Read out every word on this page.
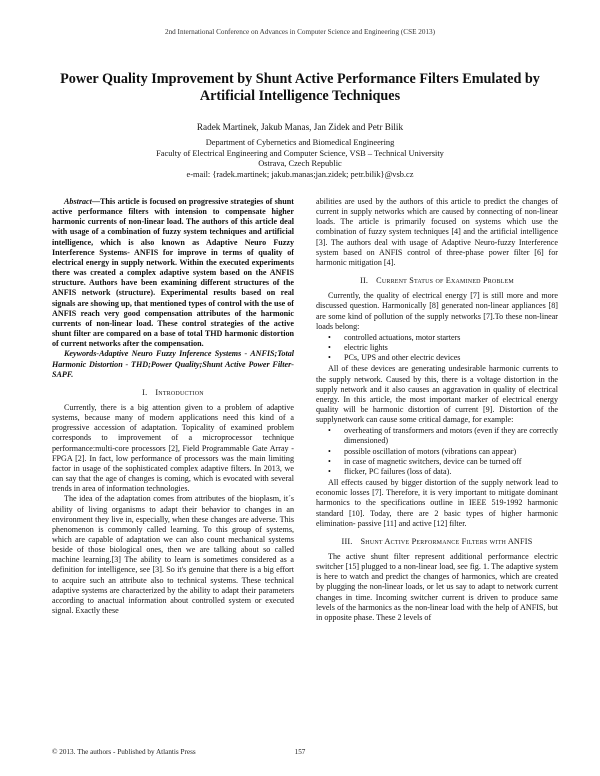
2nd International Conference on Advances in Computer Science and Engineering (CSE 2013)
Power Quality Improvement by Shunt Active Performance Filters Emulated by Artificial Intelligence Techniques
Radek Martinek, Jakub Manas, Jan Zidek and Petr Bilik
Department of Cybernetics and Biomedical Engineering
Faculty of Electrical Engineering and Computer Science, VSB – Technical University
Ostrava, Czech Republic
e-mail: {radek.martinek; jakub.manas;jan.zidek; petr.bilik}@vsb.cz

Abstract—This article is focused on progressive strategies of shunt active performance filters with intension to compensate higher harmonic currents of non-linear load. The authors of this article deal with usage of a combination of fuzzy system techniques and artificial intelligence, which is also known as Adaptive Neuro Fuzzy Interference Systems- ANFIS for improve in terms of quality of electrical energy in supply network. Within the executed experiments there was created a complex adaptive system based on the ANFIS structure. Authors have been examining different structures of the ANFIS network (structure). Experimental results based on real signals are showing up, that mentioned types of control with the use of ANFIS reach very good compensation attributes of the harmonic currents of non-linear load. These control strategies of the active shunt filter are compared on a base of total THD harmonic distortion of current networks after the compensation.

Keywords-Adaptive Neuro Fuzzy Inference Systems - ANFIS;Total Harmonic Distortion - THD;Power Quality;Shunt Active Power Filter- SAPF.

I. Introduction

Currently, there is a big attention given to a problem of adaptive systems, because many of modern applications need this kind of a progressive accession of adaptation. Topicality of examined problem corresponds to improvement of a microprocessor technique performance:multi-core processors [2], Field Programmable Gate Array - FPGA [2]. In fact, low performance of processors was the main limiting factor in usage of the sophisticated complex adaptive filters. In 2013, we can say that the age of changes is coming, which is evocated with several trends in area of information technologies.

The idea of the adaptation comes from attributes of the bioplasm, it´s ability of living organisms to adapt their behavior to changes in an environment they live in, especially, when these changes are adverse. This phenomenon is commonly called learning. To this group of systems, which are capable of adaptation we can also count mechanical systems beside of those biological ones, then we are talking about so called machine learning.[3] The ability to learn is sometimes considered as a definition for intelligence, see [3]. So it's genuine that there is a big effort to acquire such an attribute also to technical systems. These technical adaptive systems are characterized by the ability to adapt their parameters according to anactual information about controlled system or executed signal. Exactly these

abilities are used by the authors of this article to predict the changes of current in supply networks which are caused by connecting of non-linear loads. The article is primarily focused on systems which use the combination of fuzzy system techniques [4] and the artificial intelligence [3]. The authors deal with usage of Adaptive Neuro-fuzzy Interference system based on ANFIS control of three-phase power filter [6] for harmonic mitigation [4].

II. Current Status of Examined Problem

Currently, the quality of electrical energy [7] is still more and more discussed question. Harmonically [8] generated non-linear appliances [8] are some kind of pollution of the supply networks [7].To these non-linear loads belong:

• controlled actuations, motor starters
• electric lights
• PCs, UPS and other electric devices

All of these devices are generating undesirable harmonic currents to the supply network. Caused by this, there is a voltage distortion in the supply network and it also causes an aggravation in quality of electrical energy. In this article, the most important marker of electrical energy quality will be harmonic distortion of current [9]. Distortion of the supplynetwork can cause some critical damage, for example:

• overheating of transformers and motors (even if they are correctly dimensioned)
• possible oscillation of motors (vibrations can appear)
• in case of magnetic switchers, device can be turned off
• flicker, PC failures (loss of data).

All effects caused by bigger distortion of the supply network lead to economic losses [7]. Therefore, it is very important to mitigate dominant harmonics to the specifications outline in IEEE 519-1992 harmonic standard [10]. Today, there are 2 basic types of higher harmonic elimination- passive [11] and active [12] filter.

III. Shunt Active Performance Filters with ANFIS

The active shunt filter represent additional performance electric switcher [15] plugged to a non-linear load, see fig. 1. The adaptive system is here to watch and predict the changes of harmonics, which are created by plugging the non-linear loads, or let us say to adapt to network current changes in time. Incoming switcher current is driven to produce same levels of the harmonics as the non-linear load with the help of ANFIS, but in opposite phase. These 2 levels of

© 2013. The authors - Published by Atlantis Press	157
